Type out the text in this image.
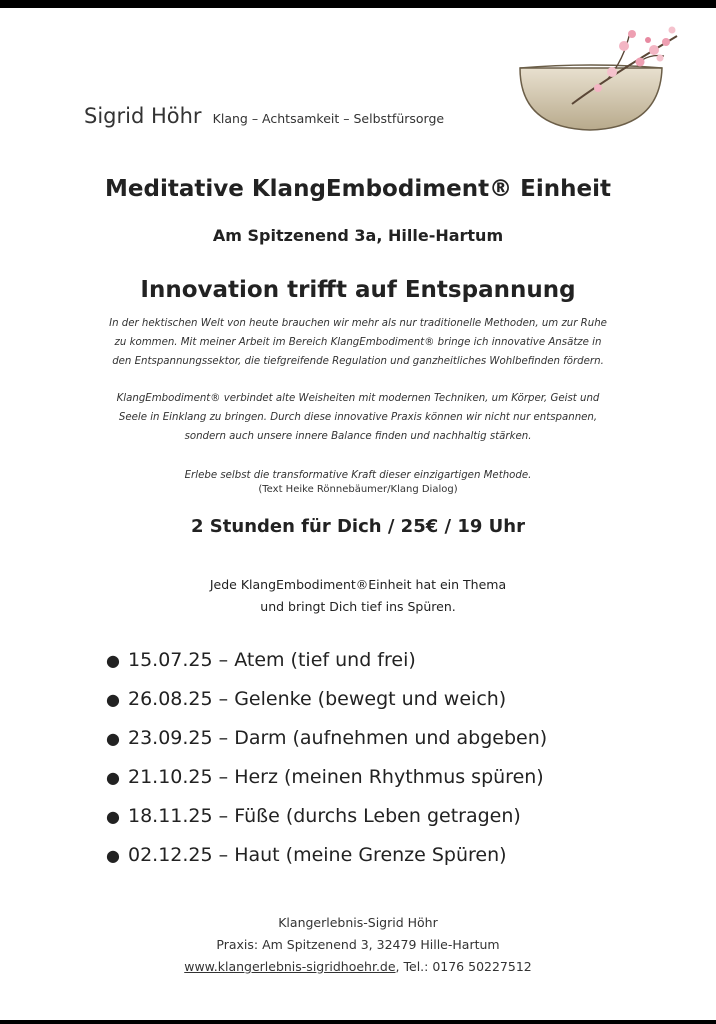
Sigrid Höhr Klang – Achtsamkeit – Selbstfürsorge
Meditative KlangEmbodiment® Einheit
Am Spitzenend 3a, Hille-Hartum
Innovation trifft auf Entspannung
In der hektischen Welt von heute brauchen wir mehr als nur traditionelle Methoden, um zur Ruhe
zu kommen. Mit meiner Arbeit im Bereich KlangEmbodiment® bringe ich innovative Ansätze in
den Entspannungssektor, die tiefgreifende Regulation und ganzheitliches Wohlbefinden fördern.
KlangEmbodiment® verbindet alte Weisheiten mit modernen Techniken, um Körper, Geist und
Seele in Einklang zu bringen. Durch diese innovative Praxis können wir nicht nur entspannen,
sondern auch unsere innere Balance finden und nachhaltig stärken.
Erlebe selbst die transformative Kraft dieser einzigartigen Methode.
(Text Heike Rönnebäumer/Klang Dialog)
2 Stunden für Dich / 25€ / 19 Uhr
Jede KlangEmbodiment®Einheit hat ein Thema
und bringt Dich tief ins Spüren.
● 15.07.25 – Atem (tief und frei)
● 26.08.25 – Gelenke (bewegt und weich)
● 23.09.25 – Darm (aufnehmen und abgeben)
● 21.10.25 – Herz (meinen Rhythmus spüren)
● 18.11.25 – Füße (durchs Leben getragen)
● 02.12.25 – Haut (meine Grenze Spüren)
Klangerlebnis-Sigrid Höhr
Praxis: Am Spitzenend 3, 32479 Hille-Hartum
www.klangerlebnis-sigridhoehr.de, Tel.: 0176 50227512
